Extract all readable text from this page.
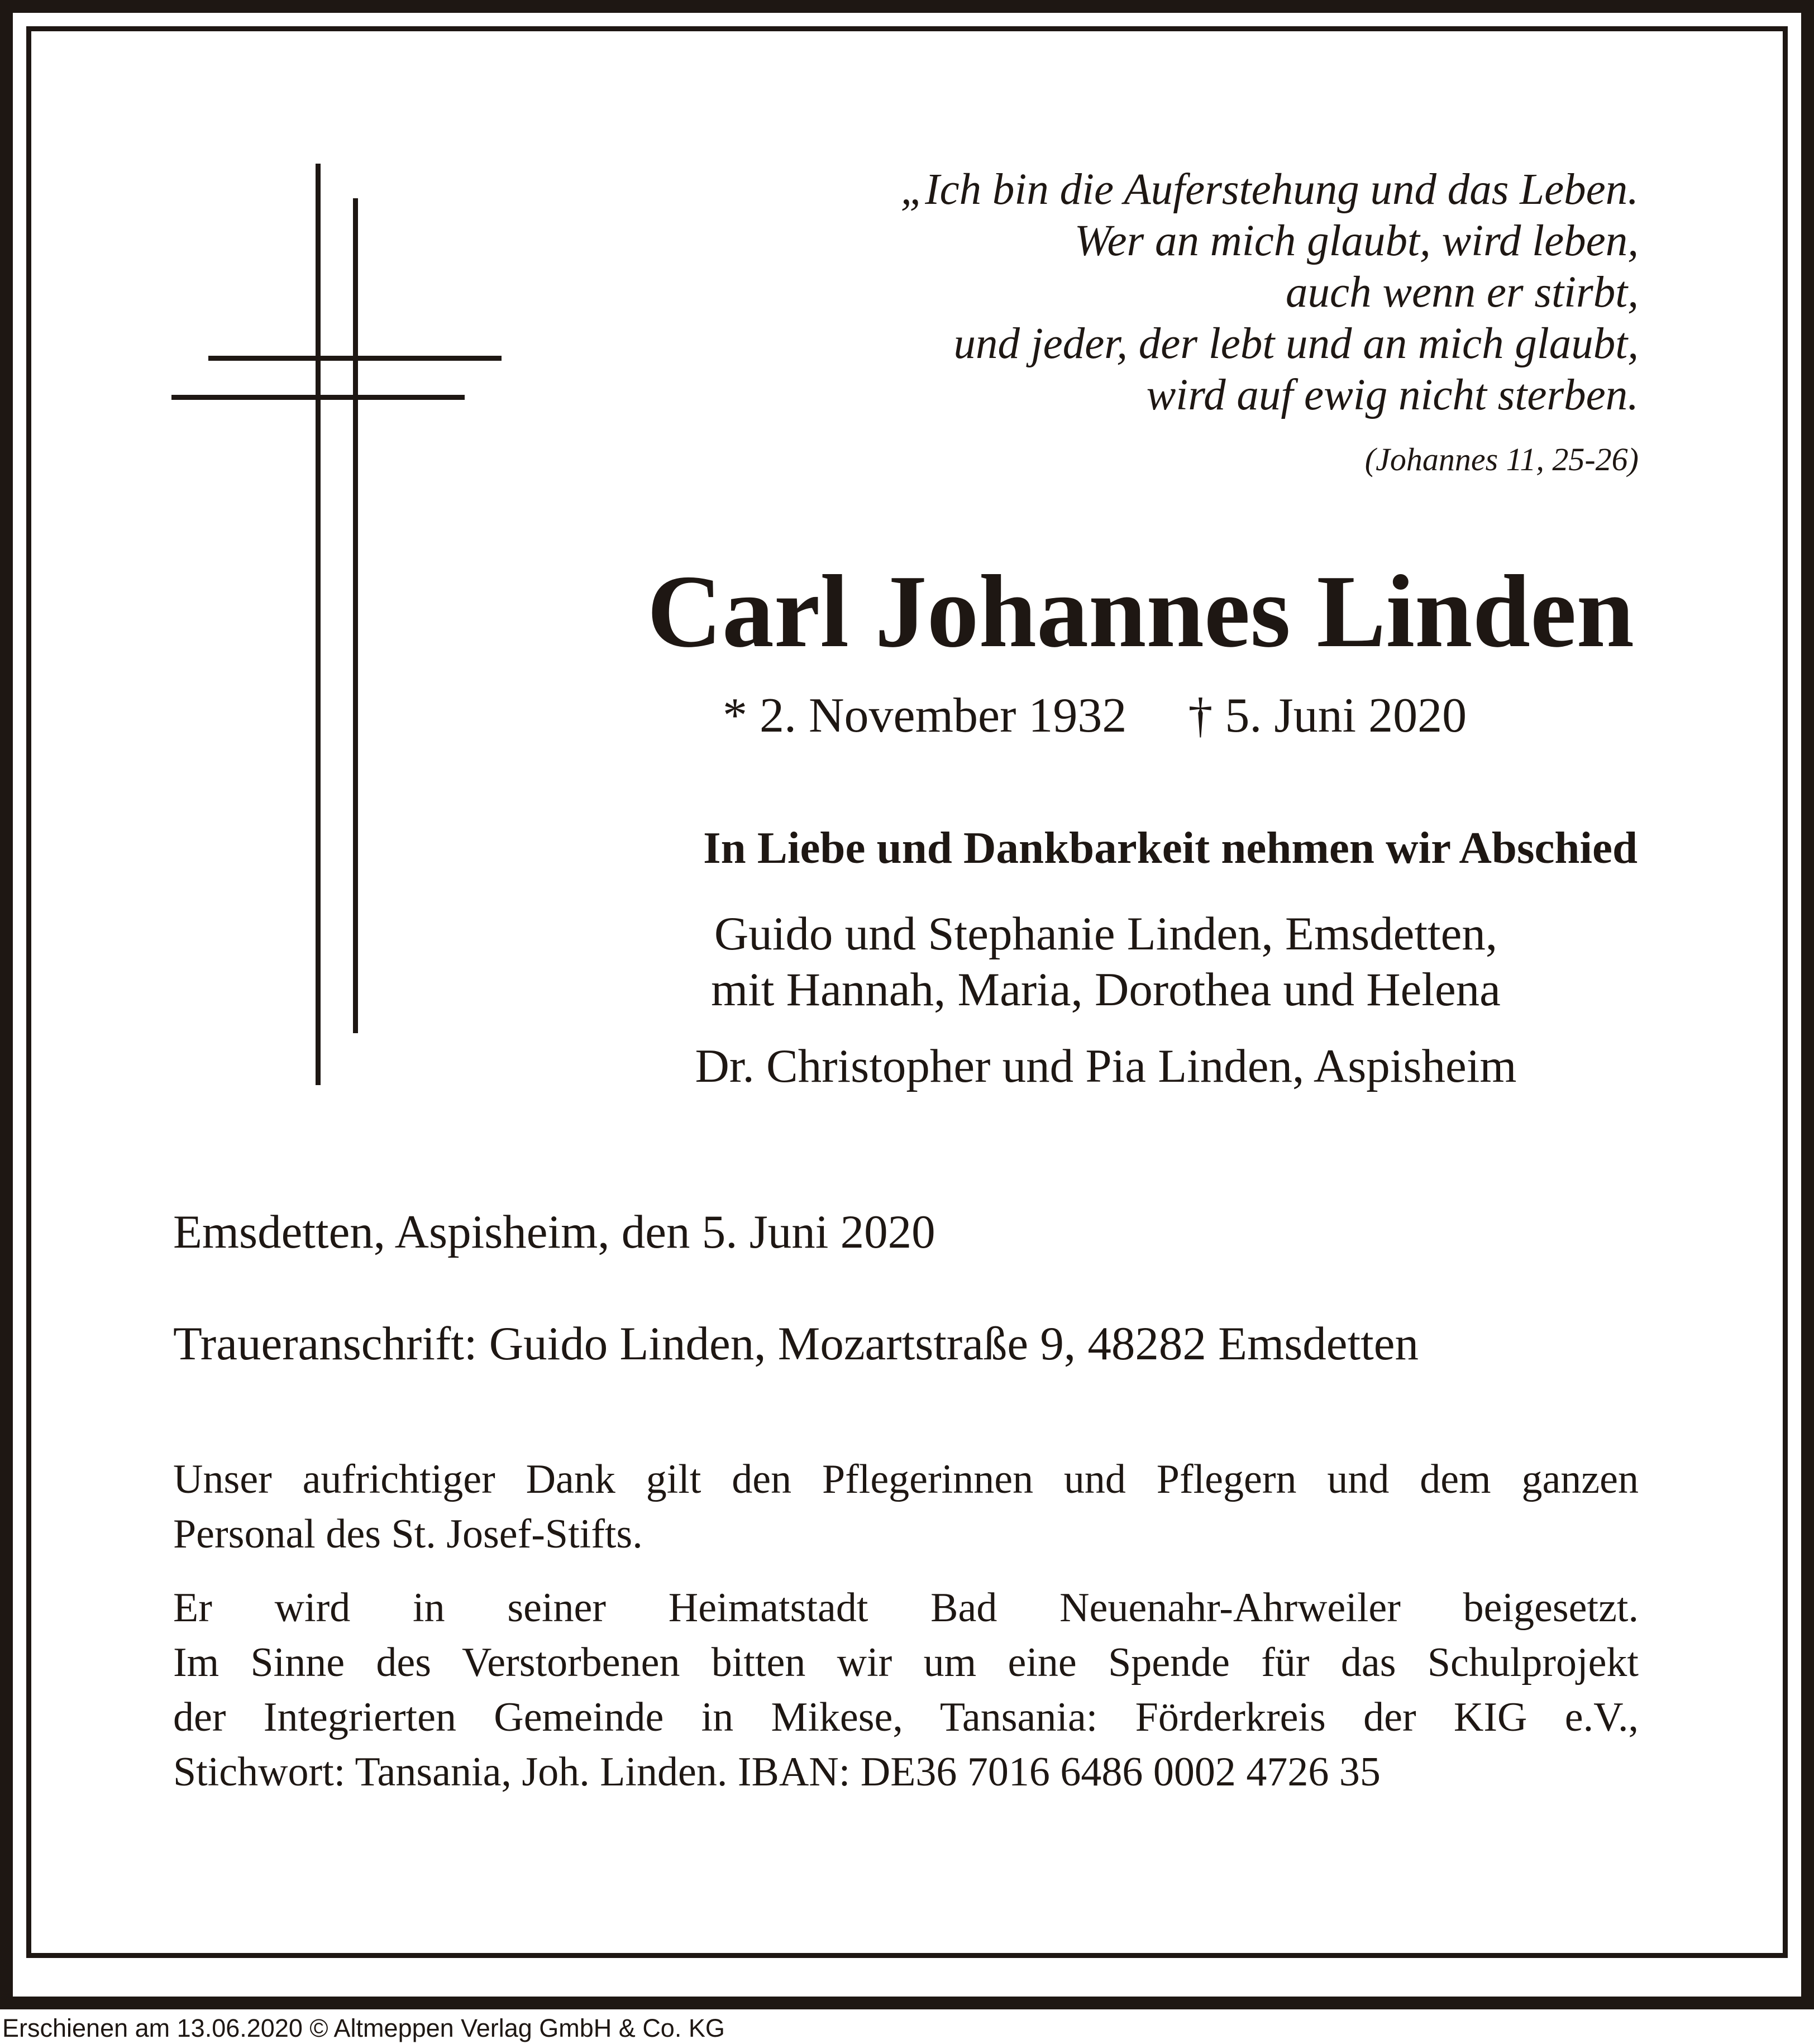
„Ich bin die Auferstehung und das Leben.

Wer an mich glaubt, wird leben,

auch wenn er stirbt,

und jeder, der lebt und an mich glaubt,

wird auf ewig nicht sterben.

(Johannes 11, 25-26)

Carl Johannes Linden

* 2. November 1932 † 5. Juni 2020

In Liebe und Dankbarkeit nehmen wir Abschied

Guido und Stephanie Linden, Emsdetten,

mit Hannah, Maria, Dorothea und Helena

Dr. Christopher und Pia Linden, Aspisheim

Emsdetten, Aspisheim, den 5. Juni 2020

Traueranschrift: Guido Linden, Mozartstraße 9, 48282 Emsdetten

Unser aufrichtiger Dank gilt den Pflegerinnen und Pflegern und dem ganzen
Personal des St. Josef-Stifts.
Er wird in seiner Heimatstadt Bad Neuenahr-Ahrweiler beigesetzt.
Im Sinne des Verstorbenen bitten wir um eine Spende für das Schulprojekt
der Integrierten Gemeinde in Mikese, Tansania: Förderkreis der KIG e.V.,
Stichwort: Tansania, Joh. Linden. IBAN: DE36 7016 6486 0002 4726 35

Erschienen am 13.06.2020 © Altmeppen Verlag GmbH & Co. KG
